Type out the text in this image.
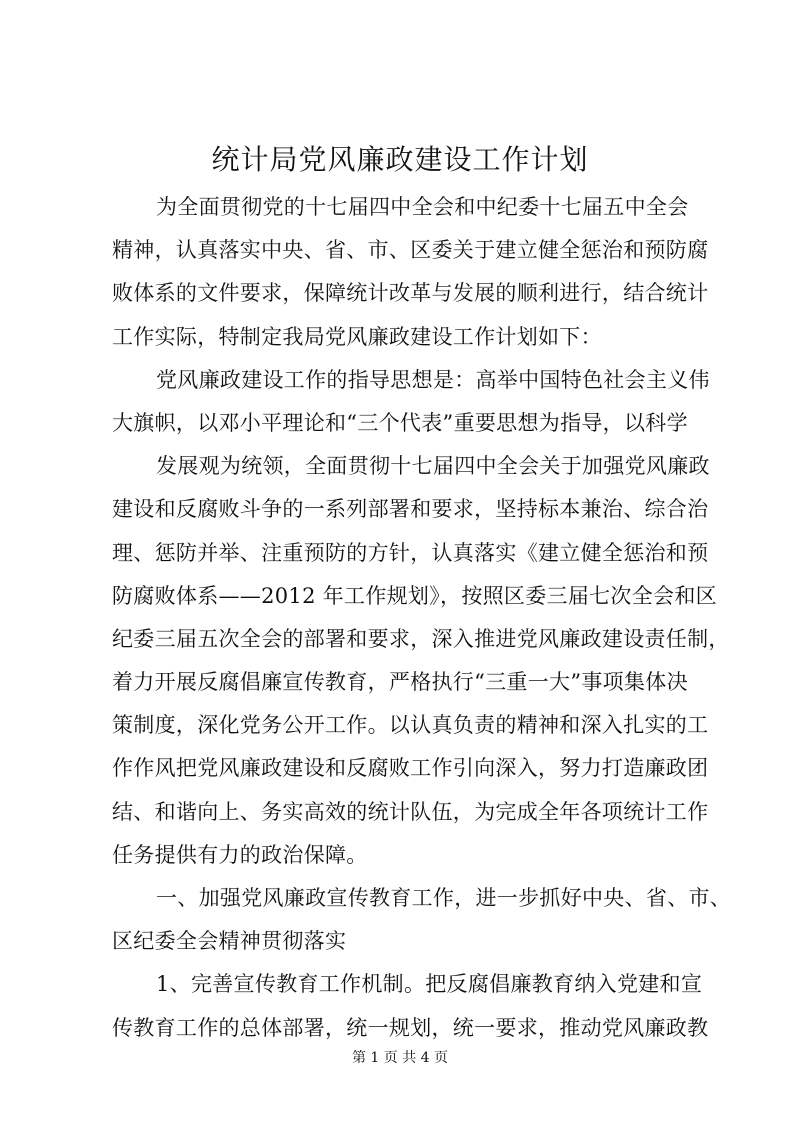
统计局党风廉政建设工作计划
为全面贯彻党的十七届四中全会和中纪委十七届五中全会
精神，认真落实中央、省、市、区委关于建立健全惩治和预防腐
败体系的文件要求，保障统计改革与发展的顺利进行，结合统计
工作实际，特制定我局党风廉政建设工作计划如下：
党风廉政建设工作的指导思想是：高举中国特色社会主义伟
大旗帜，以邓小平理论和“三个代表”重要思想为指导，以科学
发展观为统领，全面贯彻十七届四中全会关于加强党风廉政
建设和反腐败斗争的一系列部署和要求，坚持标本兼治、综合治
理、惩防并举、注重预防的方针，认真落实《建立健全惩治和预
防腐败体系——2012 年工作规划》，按照区委三届七次全会和区
纪委三届五次全会的部署和要求，深入推进党风廉政建设责任制，
着力开展反腐倡廉宣传教育，严格执行“三重一大”事项集体决
策制度，深化党务公开工作。以认真负责的精神和深入扎实的工
作作风把党风廉政建设和反腐败工作引向深入，努力打造廉政团
结、和谐向上、务实高效的统计队伍，为完成全年各项统计工作
任务提供有力的政治保障。
一、加强党风廉政宣传教育工作，进一步抓好中央、省、市、
区纪委全会精神贯彻落实
1、完善宣传教育工作机制。把反腐倡廉教育纳入党建和宣
传教育工作的总体部署，统一规划，统一要求，推动党风廉政教
第 1 页 共 4 页
